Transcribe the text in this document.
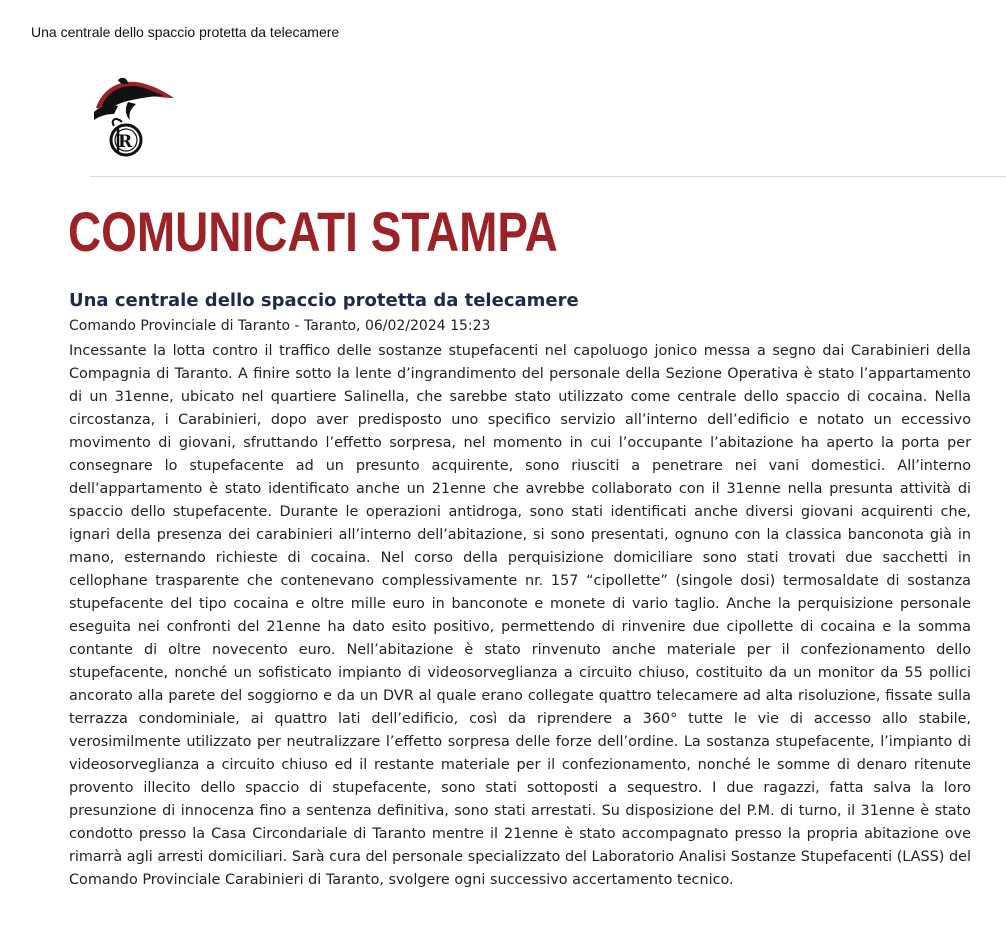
Una centrale dello spaccio protetta da telecamere
R
COMUNICATI STAMPA
Una centrale dello spaccio protetta da telecamere
Comando Provinciale di Taranto - Taranto, 06/02/2024 15:23

Incessante la lotta contro il traffico delle sostanze stupefacenti nel capoluogo jonico messa a segno dai Carabinieri della Compagnia di Taranto. A finire sotto la lente d’ingrandimento del personale della Sezione Operativa è stato l’appartamento di un 31enne, ubicato nel quartiere Salinella, che sarebbe stato utilizzato come centrale dello spaccio di cocaina. Nella circostanza, i Carabinieri, dopo aver predisposto uno specifico servizio all’interno dell’edificio e notato un eccessivo movimento di giovani, sfruttando l’effetto sorpresa, nel momento in cui l’occupante l’abitazione ha aperto la porta per consegnare lo stupefacente ad un presunto acquirente, sono riusciti a penetrare nei vani domestici. All’interno dell’appartamento è stato identificato anche un 21enne che avrebbe collaborato con il 31enne nella presunta attività di spaccio dello stupefacente. Durante le operazioni antidroga, sono stati identificati anche diversi giovani acquirenti che, ignari della presenza dei carabinieri all’interno dell’abitazione, si sono presentati, ognuno con la classica banconota già in mano, esternando richieste di cocaina. Nel corso della perquisizione domiciliare sono stati trovati due sacchetti in cellophane trasparente che contenevano complessivamente nr. 157 “cipollette” (singole dosi) termosaldate di sostanza stupefacente del tipo cocaina e oltre mille euro in banconote e monete di vario taglio. Anche la perquisizione personale eseguita nei confronti del 21enne ha dato esito positivo, permettendo di rinvenire due cipollette di cocaina e la somma contante di oltre novecento euro. Nell’abitazione è stato rinvenuto anche materiale per il confezionamento dello stupefacente, nonché un sofisticato impianto di videosorveglianza a circuito chiuso, costituito da un monitor da 55 pollici ancorato alla parete del soggiorno e da un DVR al quale erano collegate quattro telecamere ad alta risoluzione, fissate sulla terrazza condominiale, ai quattro lati dell’edificio, così da riprendere a 360° tutte le vie di accesso allo stabile, verosimilmente utilizzato per neutralizzare l’effetto sorpresa delle forze dell’ordine. La sostanza stupefacente, l’impianto di videosorveglianza a circuito chiuso ed il restante materiale per il confezionamento, nonché le somme di denaro ritenute provento illecito dello spaccio di stupefacente, sono stati sottoposti a sequestro. I due ragazzi, fatta salva la loro presunzione di innocenza fino a sentenza definitiva, sono stati arrestati. Su disposizione del P.M. di turno, il 31enne è stato condotto presso la Casa Circondariale di Taranto mentre il 21enne è stato accompagnato presso la propria abitazione ove rimarrà agli arresti domiciliari. Sarà cura del personale specializzato del Laboratorio Analisi Sostanze Stupefacenti (LASS) del Comando Provinciale Carabinieri di Taranto, svolgere ogni successivo accertamento tecnico.
